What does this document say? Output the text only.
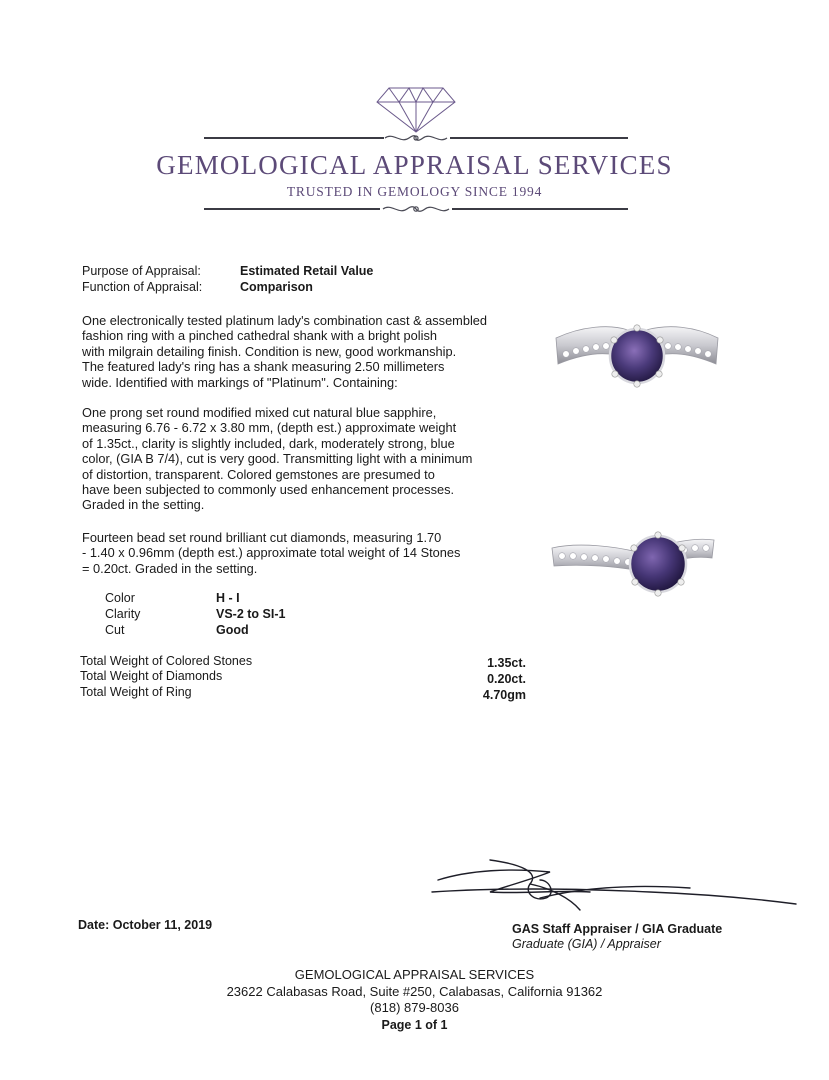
GEMOLOGICAL APPRAISAL SERVICES
TRUSTED IN GEMOLOGY SINCE 1994
Purpose of Appraisal:	Estimated Retail Value
Function of Appraisal:	Comparison
One electronically tested platinum lady's combination cast & assembled
fashion ring with a pinched cathedral shank with a bright polish
with milgrain detailing finish. Condition is new, good workmanship.
The featured lady's ring has a shank measuring 2.50 millimeters
wide. Identified with markings of "Platinum". Containing:
One prong set round modified mixed cut natural blue sapphire,
measuring 6.76 - 6.72 x 3.80 mm, (depth est.) approximate weight
of 1.35ct., clarity is slightly included, dark, moderately strong, blue
color, (GIA B 7/4), cut is very good. Transmitting light with a minimum
of distortion, transparent. Colored gemstones are presumed to
have been subjected to commonly used enhancement processes.
Graded in the setting.
Fourteen bead set round brilliant cut diamonds, measuring 1.70
- 1.40 x 0.96mm (depth est.) approximate total weight of 14 Stones
= 0.20ct. Graded in the setting.
Color	H - I
Clarity	VS-2 to SI-1
Cut	Good
Total Weight of Colored Stones	1.35ct.
Total Weight of Diamonds	0.20ct.
Total Weight of Ring	4.70gm
Date: October 11, 2019	GAS Staff Appraiser / GIA Graduate
Graduate (GIA) / Appraiser
GEMOLOGICAL APPRAISAL SERVICES
23622 Calabasas Road, Suite #250, Calabasas, California 91362
(818) 879-8036
Page 1 of 1
